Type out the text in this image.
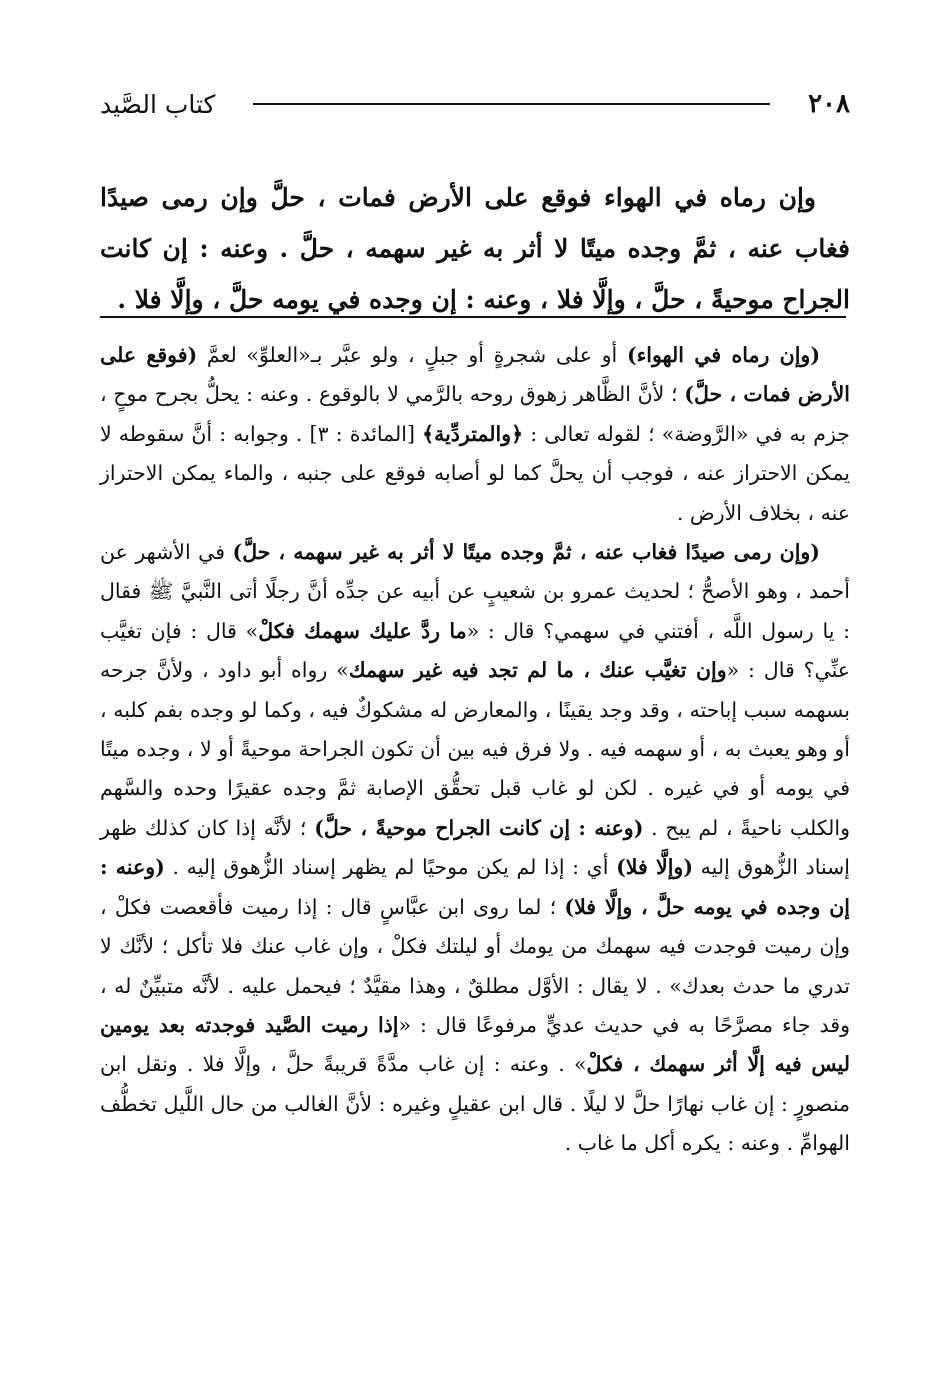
٢٠٨
كتاب الصَّيد

وإن رماه في الهواء فوقع على الأرض فمات ، حلَّ وإن رمى صيدًا فغاب عنه ، ثمَّ وجده ميتًا لا أثر به غير سهمه ، حلَّ . وعنه : إن كانت الجراح موحيةً ، حلَّ ، وإلَّا فلا ، وعنه : إن وجده في يومه حلَّ ، وإلَّا فلا .

(وإن رماه في الهواء) أو على شجرةٍ أو جبلٍ ، ولو عبَّر بـ«العلوِّ» لعمَّ (فوقع على الأرض فمات ، حلَّ) ؛ لأنَّ الظَّاهر زهوق روحه بالرَّمي لا بالوقوع . وعنه : يحلُّ بجرح موحٍ ، جزم به في «الرَّوضة» ؛ لقوله تعالى : ﴿والمتردِّية﴾ [المائدة : ٣] . وجوابه : أنَّ سقوطه لا يمكن الاحتراز عنه ، فوجب أن يحلَّ كما لو أصابه فوقع على جنبه ، والماء يمكن الاحتراز عنه ، بخلاف الأرض .

(وإن رمى صيدًا فغاب عنه ، ثمَّ وجده ميتًا لا أثر به غير سهمه ، حلَّ) في الأشهر عن أحمد ، وهو الأصحُّ ؛ لحديث عمرو بن شعيبٍ عن أبيه عن جدِّه أنَّ رجلًا أتى النَّبيَّ ﷺ فقال : يا رسول اللَّه ، أفتني في سهمي؟ قال : «ما ردَّ عليك سهمك فكلْ» قال : فإن تغيَّب عنِّي؟ قال : «وإن تغيَّب عنك ، ما لم تجد فيه غير سهمك» رواه أبو داود ، ولأنَّ جرحه بسهمه سبب إباحته ، وقد وجد يقينًا ، والمعارض له مشكوكٌ فيه ، وكما لو وجده بفم كلبه ، أو وهو يعبث به ، أو سهمه فيه . ولا فرق فيه بين أن تكون الجراحة موحيةً أو لا ، وجده ميتًا في يومه أو في غيره . لكن لو غاب قبل تحقُّق الإصابة ثمَّ وجده عقيرًا وحده والسَّهم والكلب ناحيةً ، لم يبح . (وعنه : إن كانت الجراح موحيةً ، حلَّ) ؛ لأنَّه إذا كان كذلك ظهر إسناد الزُّهوق إليه (وإلَّا فلا) أي : إذا لم يكن موحيًا لم يظهر إسناد الزُّهوق إليه . (وعنه : إن وجده في يومه حلَّ ، وإلَّا فلا) ؛ لما روى ابن عبَّاسٍ قال : إذا رميت فأقعصت فكلْ ، وإن رميت فوجدت فيه سهمك من يومك أو ليلتك فكلْ ، وإن غاب عنك فلا تأكل ؛ لأنَّك لا تدري ما حدث بعدك» . لا يقال : الأوَّل مطلقٌ ، وهذا مقيَّدٌ ؛ فيحمل عليه . لأنَّه متبيِّنٌ له ، وقد جاء مصرَّحًا به في حديث عديٍّ مرفوعًا قال : «إذا رميت الصَّيد فوجدته بعد يومين ليس فيه إلَّا أثر سهمك ، فكلْ» . وعنه : إن غاب مدَّةً قريبةً حلَّ ، وإلَّا فلا . ونقل ابن منصورٍ : إن غاب نهارًا حلَّ لا ليلًا . قال ابن عقيلٍ وغيره : لأنَّ الغالب من حال اللَّيل تخطُّف الهوامِّ . وعنه : يكره أكل ما غاب .
